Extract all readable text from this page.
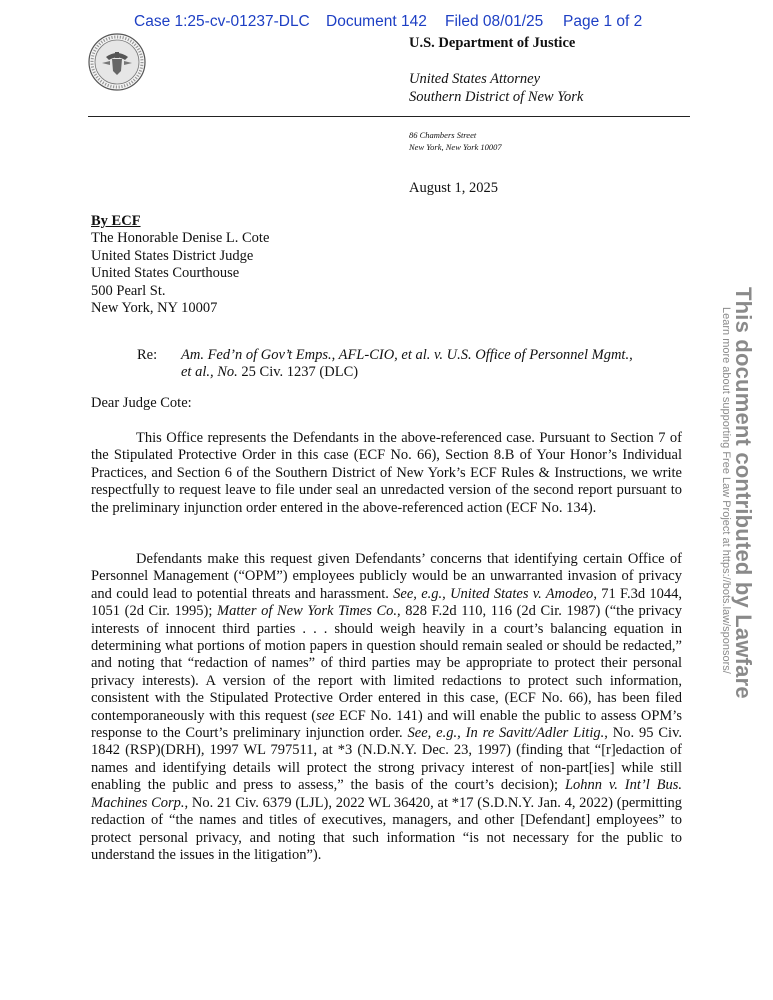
Case 1:25-cv-01237-DLC Document 142 Filed 08/01/25 Page 1 of 2
U.S. Department of Justice
United States Attorney
Southern District of New York
86 Chambers Street
New York, New York 10007
August 1, 2025
By ECF
The Honorable Denise L. Cote
United States District Judge
United States Courthouse
500 Pearl St.
New York, NY 10007
Re: Am. Fed’n of Gov’t Emps., AFL-CIO, et al. v. U.S. Office of Personnel Mgmt.,
et al., No. 25 Civ. 1237 (DLC)
Dear Judge Cote:

This Office represents the Defendants in the above-referenced case. Pursuant to Section 7 of the Stipulated Protective Order in this case (ECF No. 66), Section 8.B of Your Honor’s Individual Practices, and Section 6 of the Southern District of New York’s ECF Rules & Instructions, we write respectfully to request leave to file under seal an unredacted version of the second report pursuant to the preliminary injunction order entered in the above-referenced action (ECF No. 134).

Defendants make this request given Defendants’ concerns that identifying certain Office of Personnel Management (“OPM”) employees publicly would be an unwarranted invasion of privacy and could lead to potential threats and harassment. See, e.g., United States v. Amodeo, 71 F.3d 1044, 1051 (2d Cir. 1995); Matter of New York Times Co., 828 F.2d 110, 116 (2d Cir. 1987) (“the privacy interests of innocent third parties . . . should weigh heavily in a court’s balancing equation in determining what portions of motion papers in question should remain sealed or should be redacted,” and noting that “redaction of names” of third parties may be appropriate to protect their personal privacy interests). A version of the report with limited redactions to protect such information, consistent with the Stipulated Protective Order entered in this case, (ECF No. 66), has been filed contemporaneously with this request (see ECF No. 141) and will enable the public to assess OPM’s response to the Court’s preliminary injunction order. See, e.g., In re Savitt/Adler Litig., No. 95 Civ. 1842 (RSP)(DRH), 1997 WL 797511, at *3 (N.D.N.Y. Dec. 23, 1997) (finding that “[r]edaction of names and identifying details will protect the strong privacy interest of non-part[ies] while still enabling the public and press to assess,” the basis of the court’s decision); Lohnn v. Int’l Bus. Machines Corp., No. 21 Civ. 6379 (LJL), 2022 WL 36420, at *17 (S.D.N.Y. Jan. 4, 2022) (permitting redaction of “the names and titles of executives, managers, and other [Defendant] employees” to protect personal privacy, and noting that such information “is not necessary for the public to understand the issues in the litigation”).

This document contributed by Lawfare
Learn more about supporting Free Law Project at https://bots.law/sponsors/
